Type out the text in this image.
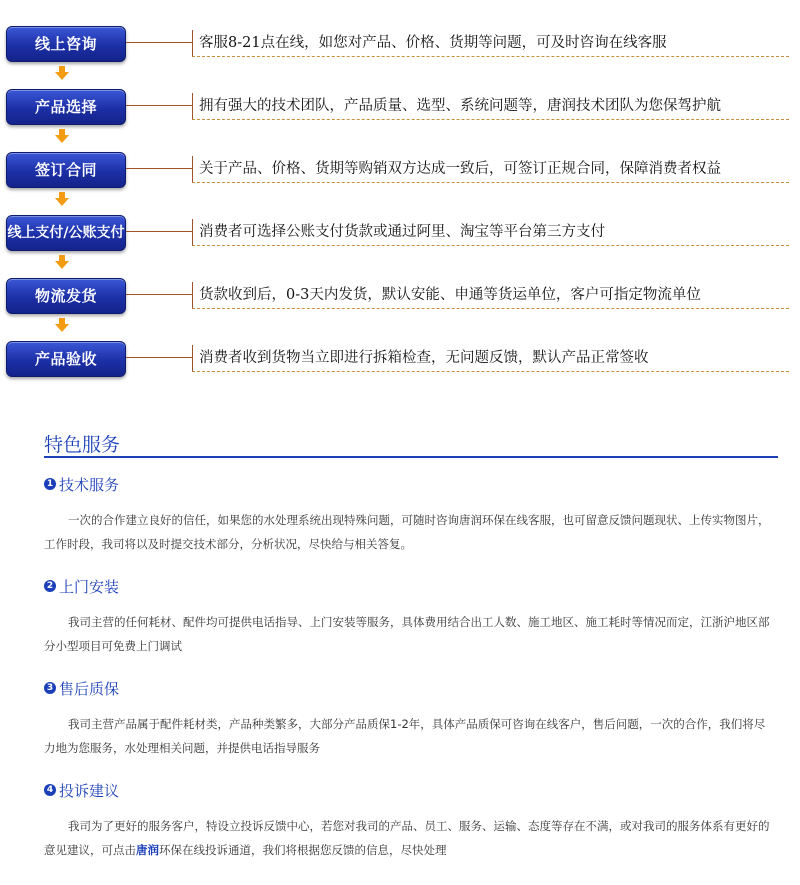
线上咨询	客服8-21点在线，如您对产品、价格、货期等问题，可及时咨询在线客服
产品选择	拥有强大的技术团队，产品质量、选型、系统问题等，唐润技术团队为您保驾护航
签订合同	关于产品、价格、货期等购销双方达成一致后，可签订正规合同，保障消费者权益
线上支付/公账支付	消费者可选择公账支付货款或通过阿里、淘宝等平台第三方支付
物流发货	货款收到后，0-3天内发货，默认安能、申通等货运单位，客户可指定物流单位
产品验收	消费者收到货物当立即进行拆箱检查，无问题反馈，默认产品正常签收
特色服务
1 技术服务
一次的合作建立良好的信任，如果您的水处理系统出现特殊问题，可随时咨询唐润环保在线客服，也可留意反馈问题现状、上传实物图片，工作时段，我司将以及时提交技术部分，分析状况，尽快给与相关答复。
2 上门安装
我司主营的任何耗材、配件均可提供电话指导、上门安装等服务，具体费用结合出工人数、施工地区、施工耗时等情况而定，江浙沪地区部分小型项目可免费上门调试
3 售后质保
我司主营产品属于配件耗材类，产品种类繁多，大部分产品质保1-2年，具体产品质保可咨询在线客户，售后问题，一次的合作，我们将尽力地为您服务，水处理相关问题，并提供电话指导服务
4 投诉建议
我司为了更好的服务客户，特设立投诉反馈中心，若您对我司的产品、员工、服务、运输、态度等存在不满，或对我司的服务体系有更好的意见建议，可点击唐润环保在线投诉通道，我们将根据您反馈的信息，尽快处理
